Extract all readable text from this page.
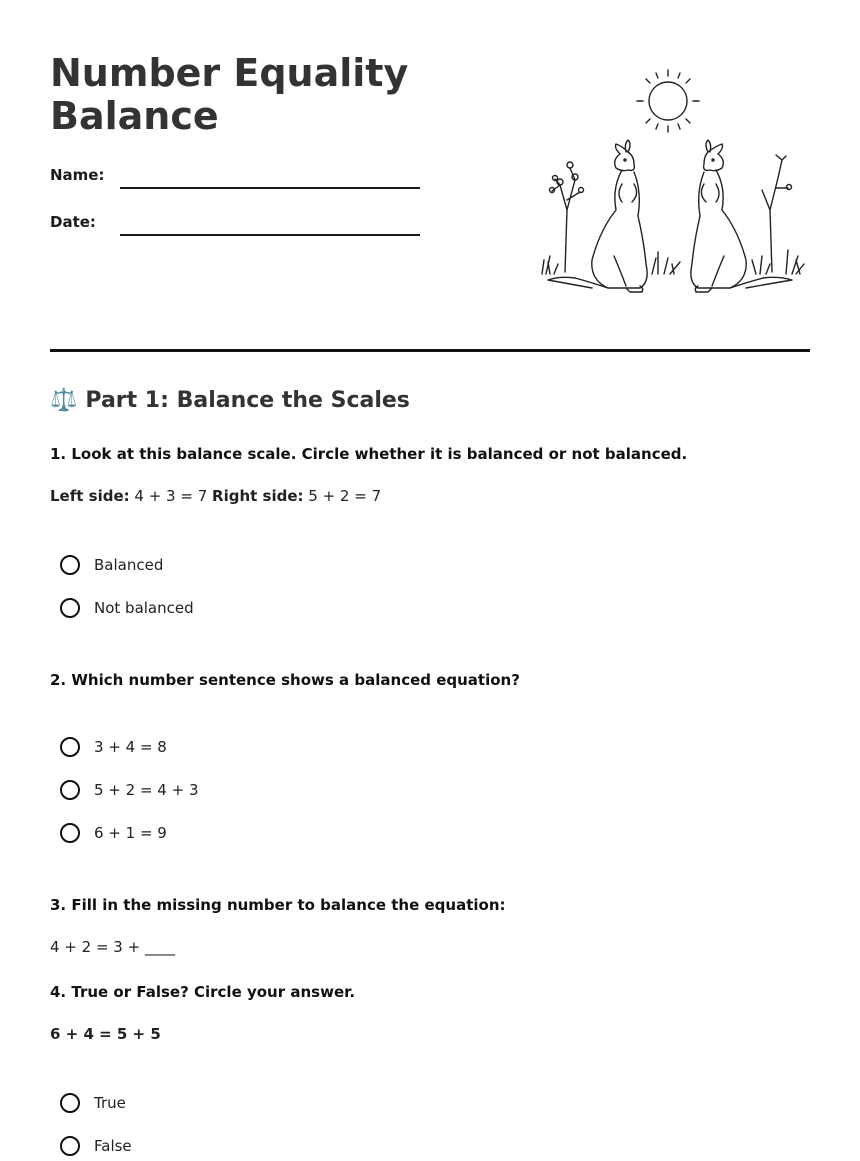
Number Equality Balance
Name:
Date:
⚖️ Part 1: Balance the Scales
1. Look at this balance scale. Circle whether it is balanced or not balanced.
Left side: 4 + 3 = 7 Right side: 5 + 2 = 7
Balanced
Not balanced
2. Which number sentence shows a balanced equation?
3 + 4 = 8
5 + 2 = 4 + 3
6 + 1 = 9
3. Fill in the missing number to balance the equation:
4 + 2 = 3 + ____
4. True or False? Circle your answer.
6 + 4 = 5 + 5
True
False
